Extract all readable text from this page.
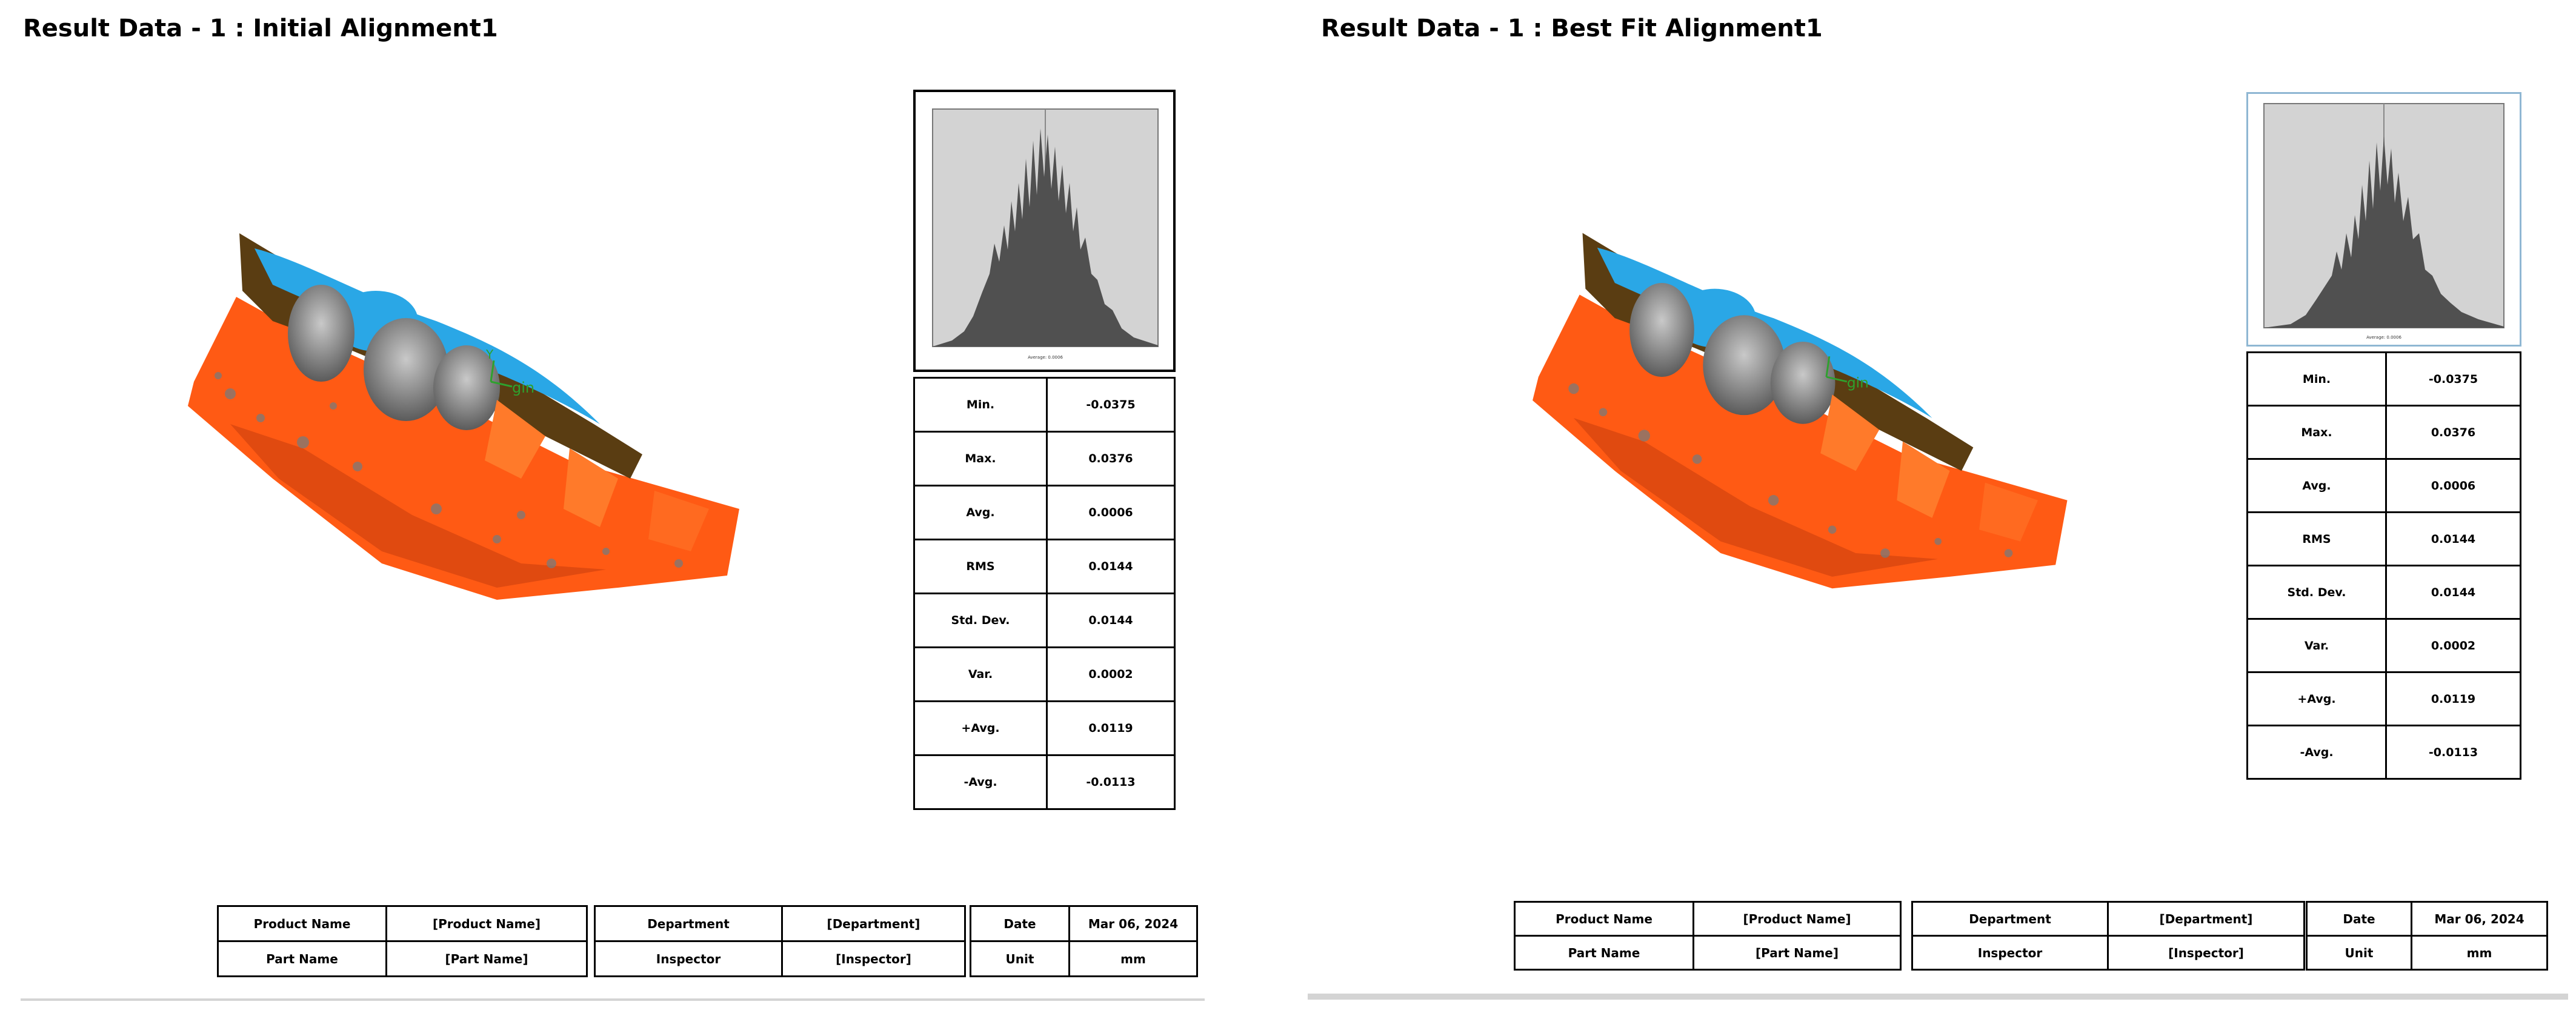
Result Data - 1 : Initial Alignment1
gin
Y	Average: 0.0006
Min.	-0.0375
Max.	0.0376
Avg.	0.0006
RMS	0.0144
Std. Dev.	0.0144
Var.	0.0002
+Avg.	0.0119
-Avg.	-0.0113
Product Name	[Product Name]
Part Name	[Part Name]
Department	[Department]
Inspector	[Inspector]
Date	Mar 06, 2024
Unit	mm
Result Data - 1 : Best Fit Alignment1
gin
Average: 0.0006
Min.	-0.0375
Max.	0.0376
Avg.	0.0006
RMS	0.0144
Std. Dev.	0.0144
Var.	0.0002
+Avg.	0.0119
-Avg.	-0.0113
Product Name	[Product Name]
Part Name	[Part Name]
Department	[Department]
Inspector	[Inspector]
Date	Mar 06, 2024
Unit	mm
